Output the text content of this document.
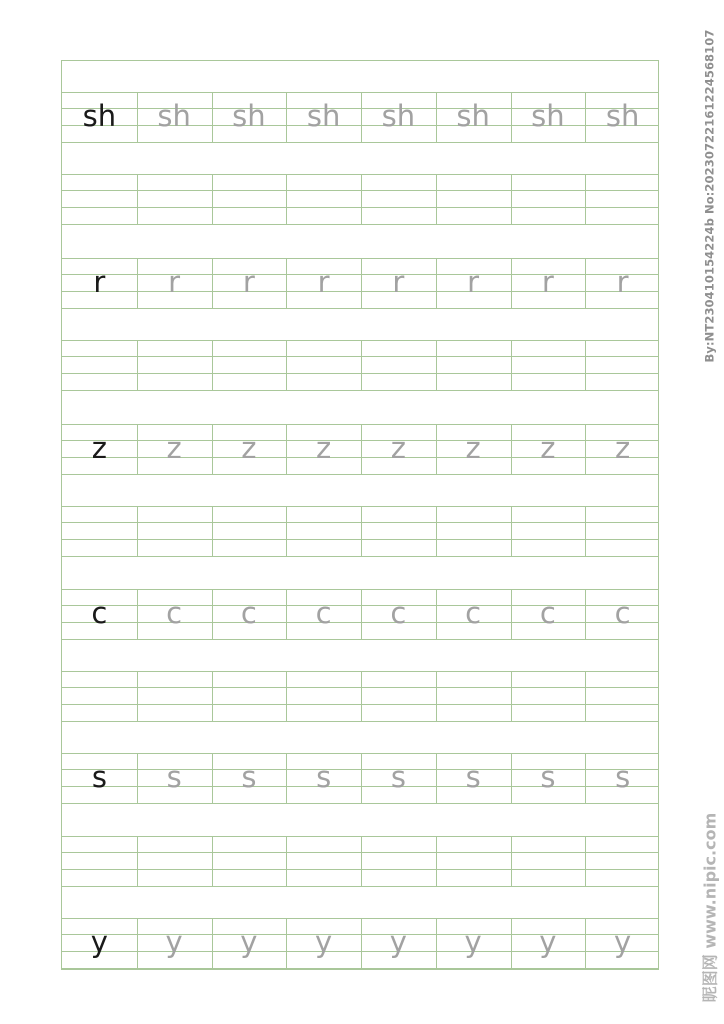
sh sh sh sh sh sh sh sh
r r r r r r r r
z z z z z z z z
c c c c c c c c
s s s s s s s s
y y y y y y y y
By:NT230410154224b No:20230722161224568107
昵图网 www.nipic.com
